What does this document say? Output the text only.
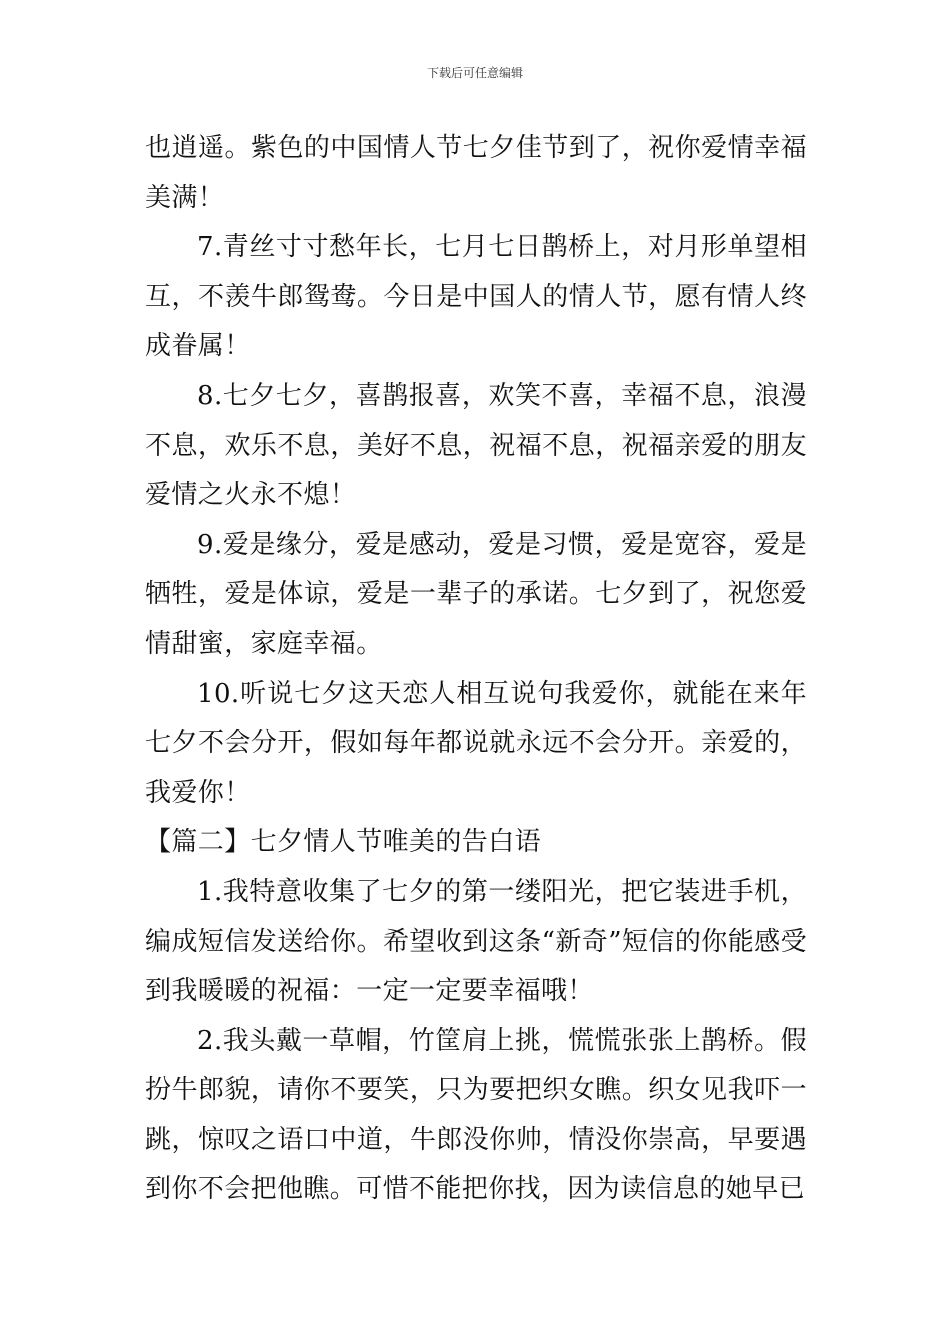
下载后可任意编辑

也逍遥。紫色的中国情人节七夕佳节到了，祝你爱情幸福美满！

7.青丝寸寸愁年长，七月七日鹊桥上，对月形单望相互，不羡牛郎鸳鸯。今日是中国人的情人节，愿有情人终成眷属！

8.七夕七夕，喜鹊报喜，欢笑不喜，幸福不息，浪漫不息，欢乐不息，美好不息，祝福不息，祝福亲爱的朋友爱情之火永不熄！

9.爱是缘分，爱是感动，爱是习惯，爱是宽容，爱是牺牲，爱是体谅，爱是一辈子的承诺。七夕到了，祝您爱情甜蜜，家庭幸福。

10.听说七夕这天恋人相互说句我爱你，就能在来年七夕不会分开，假如每年都说就永远不会分开。亲爱的，我爱你！

【篇二】七夕情人节唯美的告白语

1.我特意收集了七夕的第一缕阳光，把它装进手机，编成短信发送给你。希望收到这条“新奇”短信的你能感受到我暖暖的祝福：一定一定要幸福哦！

2.我头戴一草帽，竹筐肩上挑，慌慌张张上鹊桥。假扮牛郎貌，请你不要笑，只为要把织女瞧。织女见我吓一跳，惊叹之语口中道，牛郎没你帅，情没你崇高，早要遇到你不会把他瞧。可惜不能把你找，因为读信息的她早已
